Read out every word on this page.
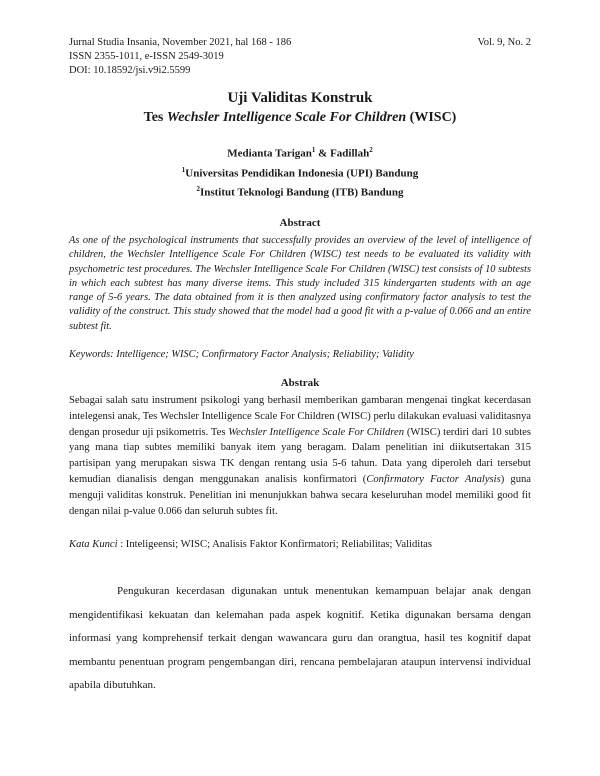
Jurnal Studia Insania, November 2021, hal 168 - 186
ISSN 2355-1011, e-ISSN 2549-3019
DOI: 10.18592/jsi.v9i2.5599
Vol. 9, No. 2
Uji Validitas Konstruk
Tes Wechsler Intelligence Scale For Children (WISC)
Medianta Tarigan$^1$ & Fadillah$^2$
$^1$Universitas Pendidikan Indonesia (UPI) Bandung
$^2$Institut Teknologi Bandung (ITB) Bandung
Abstract
As one of the psychological instruments that successfully provides an overview of the level of intelligence of children, the Wechsler Intelligence Scale For Children (WISC) test needs to be evaluated its validity with psychometric test procedures. The Wechsler Intelligence Scale For Children (WISC) test consists of 10 subtests in which each subtest has many diverse items. This study included 315 kindergarten students with an age range of 5-6 years. The data obtained from it is then analyzed using confirmatory factor analysis to test the validity of the construct. This study showed that the model had a good fit with a p-value of 0.066 and an entire subtest fit.
Keywords: Intelligence; WISC; Confirmatory Factor Analysis; Reliability; Validity
Abstrak
Sebagai salah satu instrument psikologi yang berhasil memberikan gambaran mengenai tingkat kecerdasan intelegensi anak, Tes Wechsler Intelligence Scale For Children (WISC) perlu dilakukan evaluasi validitasnya dengan prosedur uji psikometris. Tes Wechsler Intelligence Scale For Children (WISC) terdiri dari 10 subtes yang mana tiap subtes memiliki banyak item yang beragam. Dalam penelitian ini diikutsertakan 315 partisipan yang merupakan siswa TK dengan rentang usia 5-6 tahun. Data yang diperoleh dari tersebut kemudian dianalisis dengan menggunakan analisis konfirmatori (Confirmatory Factor Analysis) guna menguji validitas konstruk. Penelitian ini menunjukkan bahwa secara keseluruhan model memiliki good fit dengan nilai p-value 0.066 dan seluruh subtes fit.
Kata Kunci : Inteligeensi; WISC; Analisis Faktor Konfirmatori; Reliabilitas; Validitas
Pengukuran kecerdasan digunakan untuk menentukan kemampuan belajar anak dengan mengidentifikasi kekuatan dan kelemahan pada aspek kognitif. Ketika digunakan bersama dengan informasi yang komprehensif terkait dengan wawancara guru dan orangtua, hasil tes kognitif dapat membantu penentuan program pengembangan diri, rencana pembelajaran ataupun intervensi individual apabila dibutuhkan.
